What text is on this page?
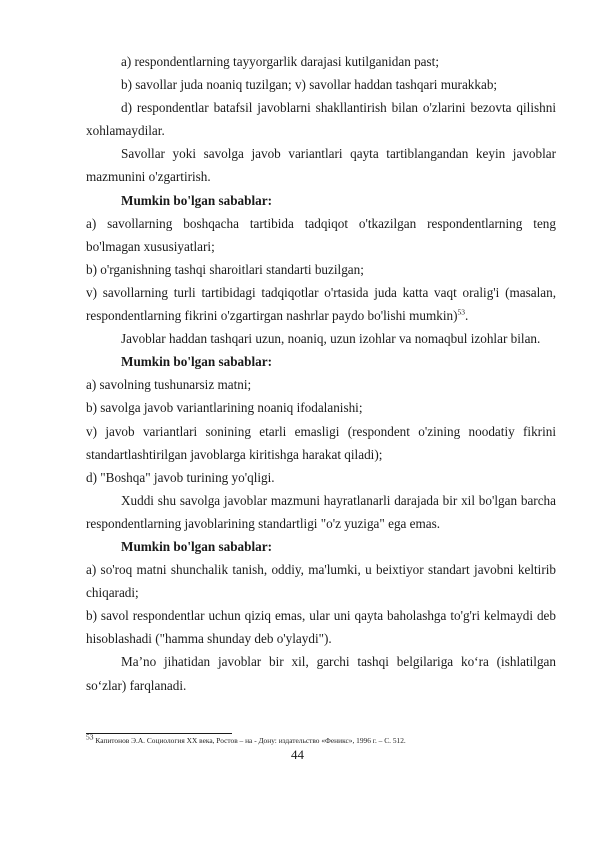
a) respondentlarning tayyorgarlik darajasi kutilganidan past;

b) savollar juda noaniq tuzilgan; v) savollar haddan tashqari murakkab;

d) respondentlar batafsil javoblarni shakllantirish bilan o'zlarini bezovta qilishni xohlamaydilar.

Savollar yoki savolga javob variantlari qayta tartiblangandan keyin javoblar mazmunini o'zgartirish.

Mumkin bo'lgan sabablar:

a) savollarning boshqacha tartibida tadqiqot o'tkazilgan respondentlarning teng bo'lmagan xususiyatlari;

b) o'rganishning tashqi sharoitlari standarti buzilgan;

v) savollarning turli tartibidagi tadqiqotlar o'rtasida juda katta vaqt oralig'i (masalan, respondentlarning fikrini o'zgartirgan nashrlar paydo bo'lishi mumkin)$^{53}$.

Javoblar haddan tashqari uzun, noaniq, uzun izohlar va nomaqbul izohlar bilan.

Mumkin bo'lgan sabablar:

a) savolning tushunarsiz matni;

b) savolga javob variantlarining noaniq ifodalanishi;

v) javob variantlari sonining etarli emasligi (respondent o'zining noodatiy fikrini standartlashtirilgan javoblarga kiritishga harakat qiladi);

d) "Boshqa" javob turining yo'qligi.

Xuddi shu savolga javoblar mazmuni hayratlanarli darajada bir xil bo'lgan barcha respondentlarning javoblarining standartligi "o'z yuziga" ega emas.

Mumkin bo'lgan sabablar:

a) so'roq matni shunchalik tanish, oddiy, ma'lumki, u beixtiyor standart javobni keltirib chiqaradi;

b) savol respondentlar uchun qiziq emas, ular uni qayta baholashga to'g'ri kelmaydi deb hisoblashadi ("hamma shunday deb o'ylaydi").

Ma’no jihatidan javoblar bir xil, garchi tashqi belgilariga ko‘ra (ishlatilgan so‘zlar) farqlanadi.

$^{53}$ Капитонов Э.А. Социология XX века, Ростов – на - Дону: издательство «Феникс», 1996 г. – С. 512.

44
